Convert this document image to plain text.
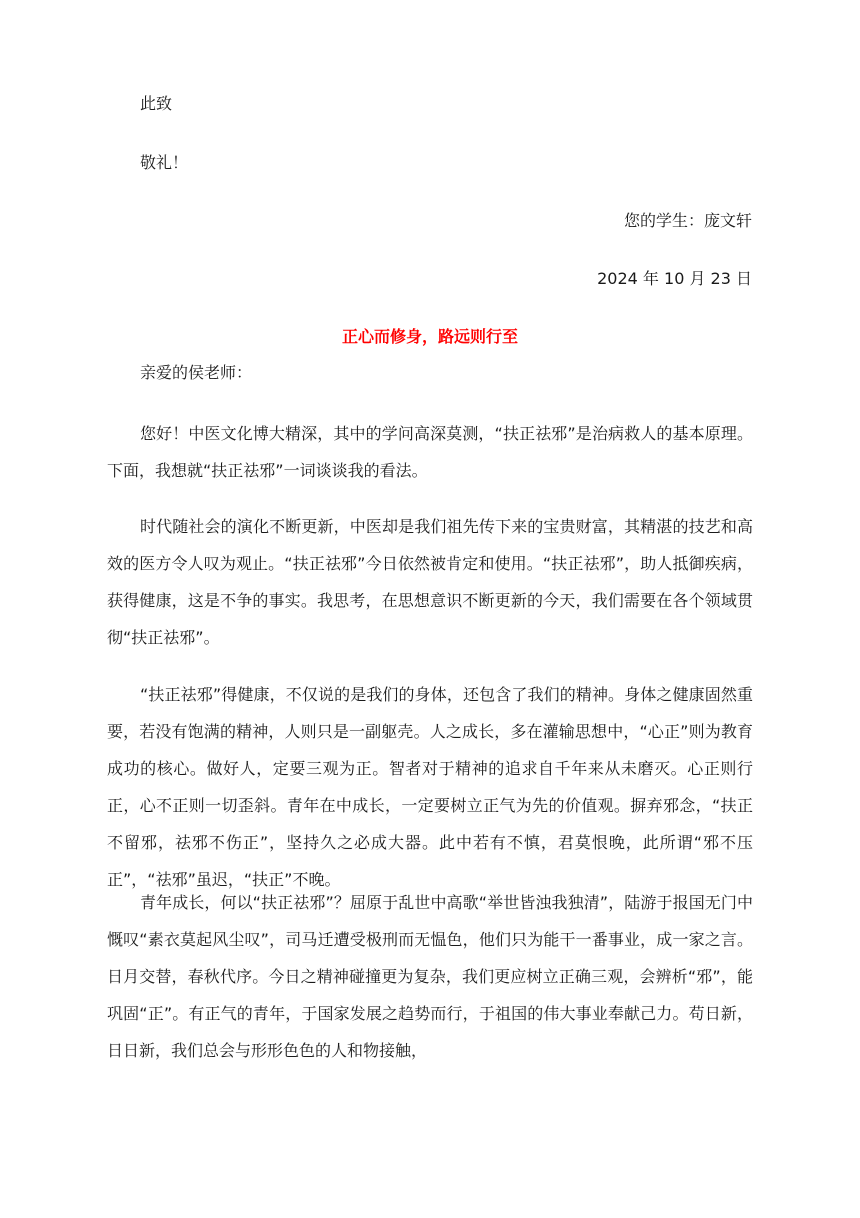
此致
敬礼！
您的学生：庞文轩
2024 年 10 月 23 日
正心而修身，路远则行至
亲爱的侯老师：
您好！中医文化博大精深，其中的学问高深莫测，“扶正祛邪”是治病救人的基本原理。下面，我想就“扶正祛邪”一词谈谈我的看法。
时代随社会的演化不断更新，中医却是我们祖先传下来的宝贵财富，其精湛的技艺和高效的医方令人叹为观止。“扶正祛邪”今日依然被肯定和使用。“扶正祛邪”，助人抵御疾病，获得健康，这是不争的事实。我思考，在思想意识不断更新的今天，我们需要在各个领域贯彻“扶正祛邪”。
“扶正祛邪”得健康，不仅说的是我们的身体，还包含了我们的精神。身体之健康固然重要，若没有饱满的精神，人则只是一副躯壳。人之成长，多在灌输思想中，“心正”则为教育成功的核心。做好人，定要三观为正。智者对于精神的追求自千年来从未磨灭。心正则行正，心不正则一切歪斜。青年在中成长，一定要树立正气为先的价值观。摒弃邪念，“扶正不留邪，祛邪不伤正”，坚持久之必成大器。此中若有不慎，君莫恨晚，此所谓“邪不压正”，“祛邪”虽迟，“扶正”不晚。
青年成长，何以“扶正祛邪”？屈原于乱世中高歌“举世皆浊我独清”，陆游于报国无门中慨叹“素衣莫起风尘叹”，司马迁遭受极刑而无愠色，他们只为能干一番事业，成一家之言。日月交替，春秋代序。今日之精神碰撞更为复杂，我们更应树立正确三观，会辨析“邪”，能巩固“正”。有正气的青年，于国家发展之趋势而行，于祖国的伟大事业奉献己力。苟日新，日日新，我们总会与形形色色的人和物接触，
